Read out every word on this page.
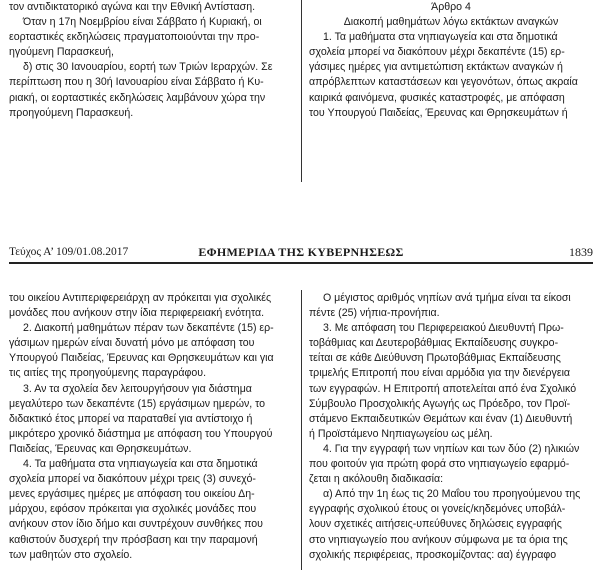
τον αντιδικτατορικό αγώνα και την Εθνική Αντίσταση.

Όταν η 17η Νοεμβρίου είναι Σάββατο ή Κυριακή, οι

εορταστικές εκδηλώσεις πραγματοποιούνται την προ-

ηγούμενη Παρασκευή,

δ) στις 30 Ιανουαρίου, εορτή των Τριών Ιεραρχών. Σε

περίπτωση που η 30ή Ιανουαρίου είναι Σάββατο ή Κυ-

ριακή, οι εορταστικές εκδηλώσεις λαμβάνουν χώρα την

προηγούμενη Παρασκευή.

Άρθρο 4

Διακοπή μαθημάτων λόγω εκτάκτων αναγκών

1. Τα μαθήματα στα νηπιαγωγεία και στα δημοτικά

σχολεία μπορεί να διακόπουν μέχρι δεκαπέντε (15) ερ-

γάσιμες ημέρες για αντιμετώπιση εκτάκτων αναγκών ή

απρόβλεπτων καταστάσεων και γεγονότων, όπως ακραία

καιρικά φαινόμενα, φυσικές καταστροφές, με απόφαση

του Υπουργού Παιδείας, Έρευνας και Θρησκευμάτων ή

Τεύχος Α’ 109/01.08.2017	ΕΦΗΜΕΡΙΔΑ ΤΗΣ ΚΥΒΕΡΝΗΣΕΩΣ	1839

του οικείου Αντιπεριφερειάρχη αν πρόκειται για σχολικές

μονάδες που ανήκουν στην ίδια περιφερειακή ενότητα.

2. Διακοπή μαθημάτων πέραν των δεκαπέντε (15) ερ-

γάσιμων ημερών είναι δυνατή μόνο με απόφαση του

Υπουργού Παιδείας, Έρευνας και Θρησκευμάτων και για

τις αιτίες της προηγούμενης παραγράφου.

3. Αν τα σχολεία δεν λειτουργήσουν για διάστημα

μεγαλύτερο των δεκαπέντε (15) εργάσιμων ημερών, το

διδακτικό έτος μπορεί να παραταθεί για αντίστοιχο ή

μικρότερο χρονικό διάστημα με απόφαση του Υπουργού

Παιδείας, Έρευνας και Θρησκευμάτων.

4. Τα μαθήματα στα νηπιαγωγεία και στα δημοτικά

σχολεία μπορεί να διακόπουν μέχρι τρεις (3) συνεχό-

μενες εργάσιμες ημέρες με απόφαση του οικείου Δη-

μάρχου, εφόσον πρόκειται για σχολικές μονάδες που

ανήκουν στον ίδιο δήμο και συντρέχουν συνθήκες που

καθιστούν δυσχερή την πρόσβαση και την παραμονή

των μαθητών στο σχολείο.

Ο μέγιστος αριθμός νηπίων ανά τμήμα είναι τα είκοσι

πέντε (25) νήπια-προνήπια.

3. Με απόφαση του Περιφερειακού Διευθυντή Πρω-

τοβάθμιας και Δευτεροβάθμιας Εκπαίδευσης συγκρο-

τείται σε κάθε Διεύθυνση Πρωτοβάθμιας Εκπαίδευσης

τριμελής Επιτροπή που είναι αρμόδια για την διενέργεια

των εγγραφών. Η Επιτροπή αποτελείται από ένα Σχολικό

Σύμβουλο Προσχολικής Αγωγής ως Πρόεδρο, τον Προϊ-

στάμενο Εκπαιδευτικών Θεμάτων και έναν (1) Διευθυντή

ή Προϊστάμενο Νηπιαγωγείου ως μέλη.

4. Για την εγγραφή των νηπίων και των δύο (2) ηλικιών

που φοιτούν για πρώτη φορά στο νηπιαγωγείο εφαρμό-

ζεται η ακόλουθη διαδικασία:

α) Από την 1η έως τις 20 Μαΐου του προηγούμενου της

εγγραφής σχολικού έτους οι γονείς/κηδεμόνες υποβάλ-

λουν σχετικές αιτήσεις-υπεύθυνες δηλώσεις εγγραφής

στο νηπιαγωγείο που ανήκουν σύμφωνα με τα όρια της

σχολικής περιφέρειας, προσκομίζοντας: αα) έγγραφο
